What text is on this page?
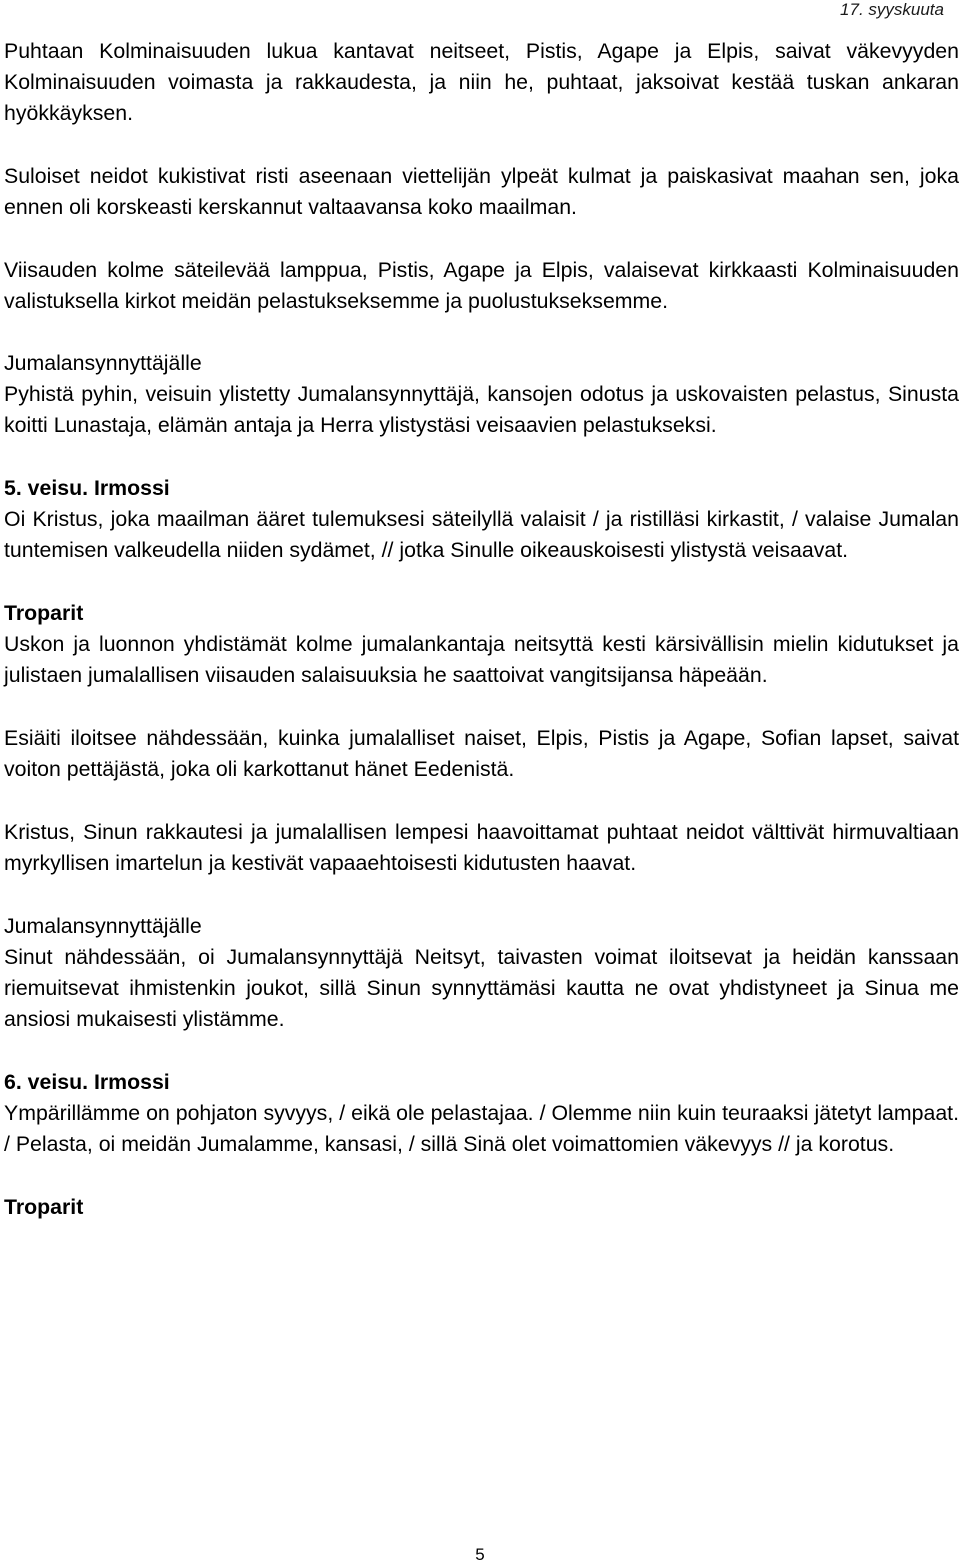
17. syyskuuta

Puhtaan Kolminaisuuden lukua kantavat neitseet, Pistis, Agape ja Elpis, saivat väkevyyden Kolminaisuuden voimasta ja rakkaudesta, ja niin he, puhtaat, jaksoivat kestää tuskan ankaran hyökkäyksen.

Suloiset neidot kukistivat risti aseenaan viettelijän ylpeät kulmat ja paiskasivat maahan sen, joka ennen oli korskeasti kerskannut valtaavansa koko maailman.

Viisauden kolme säteilevää lamppua, Pistis, Agape ja Elpis, valaisevat kirkkaasti Kolminaisuuden valistuksella kirkot meidän pelastukseksemme ja puolustukseksemme.

Jumalansynnyttäjälle

Pyhistä pyhin, veisuin ylistetty Jumalansynnyttäjä, kansojen odotus ja uskovaisten pelastus, Sinusta koitti Lunastaja, elämän antaja ja Herra ylistystäsi veisaavien pelastukseksi.

5. veisu. Irmossi

Oi Kristus, joka maailman ääret tulemuksesi säteilyllä valaisit / ja ristilläsi kirkastit, / valaise Jumalan tuntemisen valkeudella niiden sydämet, // jotka Sinulle oikeauskoisesti ylistystä veisaavat.

Troparit

Uskon ja luonnon yhdistämät kolme jumalankantaja neitsyttä kesti kärsivällisin mielin kidutukset ja julistaen jumalallisen viisauden salaisuuksia he saattoivat vangitsijansa häpeään.

Esiäiti iloitsee nähdessään, kuinka jumalalliset naiset, Elpis, Pistis ja Agape, Sofian lapset, saivat voiton pettäjästä, joka oli karkottanut hänet Eedenistä.

Kristus, Sinun rakkautesi ja jumalallisen lempesi haavoittamat puhtaat neidot välttivät hirmuvaltiaan myrkyllisen imartelun ja kestivät vapaaehtoisesti kidutusten haavat.

Jumalansynnyttäjälle

Sinut nähdessään, oi Jumalansynnyttäjä Neitsyt, taivasten voimat iloitsevat ja heidän kanssaan riemuitsevat ihmistenkin joukot, sillä Sinun synnyttämäsi kautta ne ovat yhdistyneet ja Sinua me ansiosi mukaisesti ylistämme.

6. veisu. Irmossi

Ympärillämme on pohjaton syvyys, / eikä ole pelastajaa. / Olemme niin kuin teuraaksi jätetyt lampaat. / Pelasta, oi meidän Jumalamme, kansasi, / sillä Sinä olet voimattomien väkevyys // ja korotus.

Troparit

5
